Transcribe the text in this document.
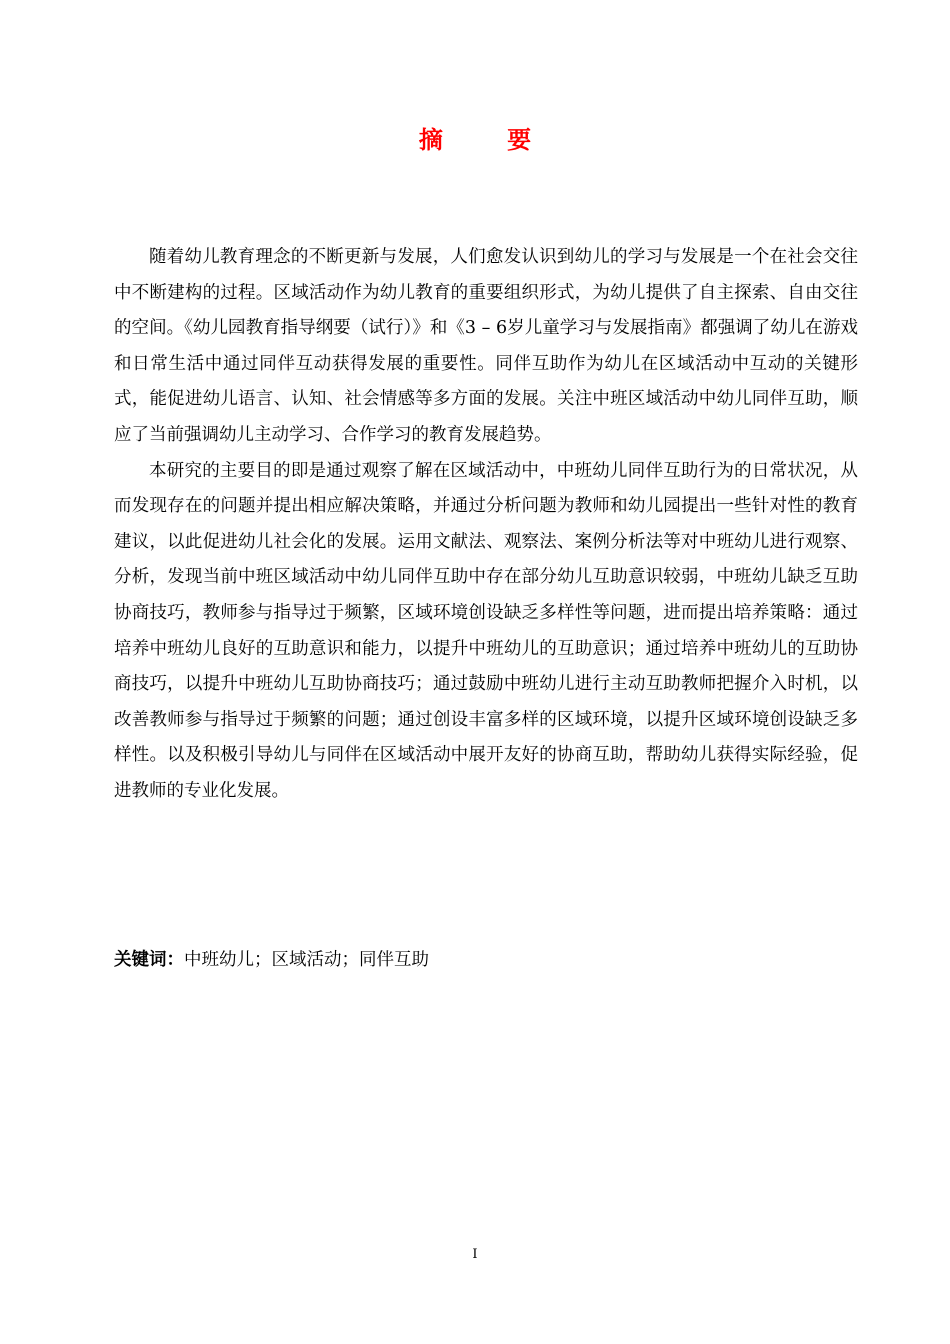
摘 要

随着幼儿教育理念的不断更新与发展，人们愈发认识到幼儿的学习与发展是一个在社会交往中不断建构的过程。区域活动作为幼儿教育的重要组织形式，为幼儿提供了自主探索、自由交往的空间。《幼儿园教育指导纲要（试行）》和《3 – 6岁儿童学习与发展指南》都强调了幼儿在游戏和日常生活中通过同伴互动获得发展的重要性。同伴互助作为幼儿在区域活动中互动的关键形式，能促进幼儿语言、认知、社会情感等多方面的发展。关注中班区域活动中幼儿同伴互助，顺应了当前强调幼儿主动学习、合作学习的教育发展趋势。

本研究的主要目的即是通过观察了解在区域活动中，中班幼儿同伴互助行为的日常状况，从而发现存在的问题并提出相应解决策略，并通过分析问题为教师和幼儿园提出一些针对性的教育建议，以此促进幼儿社会化的发展。运用文献法、观察法、案例分析法等对中班幼儿进行观察、分析，发现当前中班区域活动中幼儿同伴互助中存在部分幼儿互助意识较弱，中班幼儿缺乏互助协商技巧，教师参与指导过于频繁，区域环境创设缺乏多样性等问题，进而提出培养策略：通过培养中班幼儿良好的互助意识和能力，以提升中班幼儿的互助意识；通过培养中班幼儿的互助协商技巧，以提升中班幼儿互助协商技巧；通过鼓励中班幼儿进行主动互助教师把握介入时机，以改善教师参与指导过于频繁的问题；通过创设丰富多样的区域环境，以提升区域环境创设缺乏多样性。以及积极引导幼儿与同伴在区域活动中展开友好的协商互助，帮助幼儿获得实际经验，促进教师的专业化发展。

关键词：中班幼儿；区域活动；同伴互助
I
